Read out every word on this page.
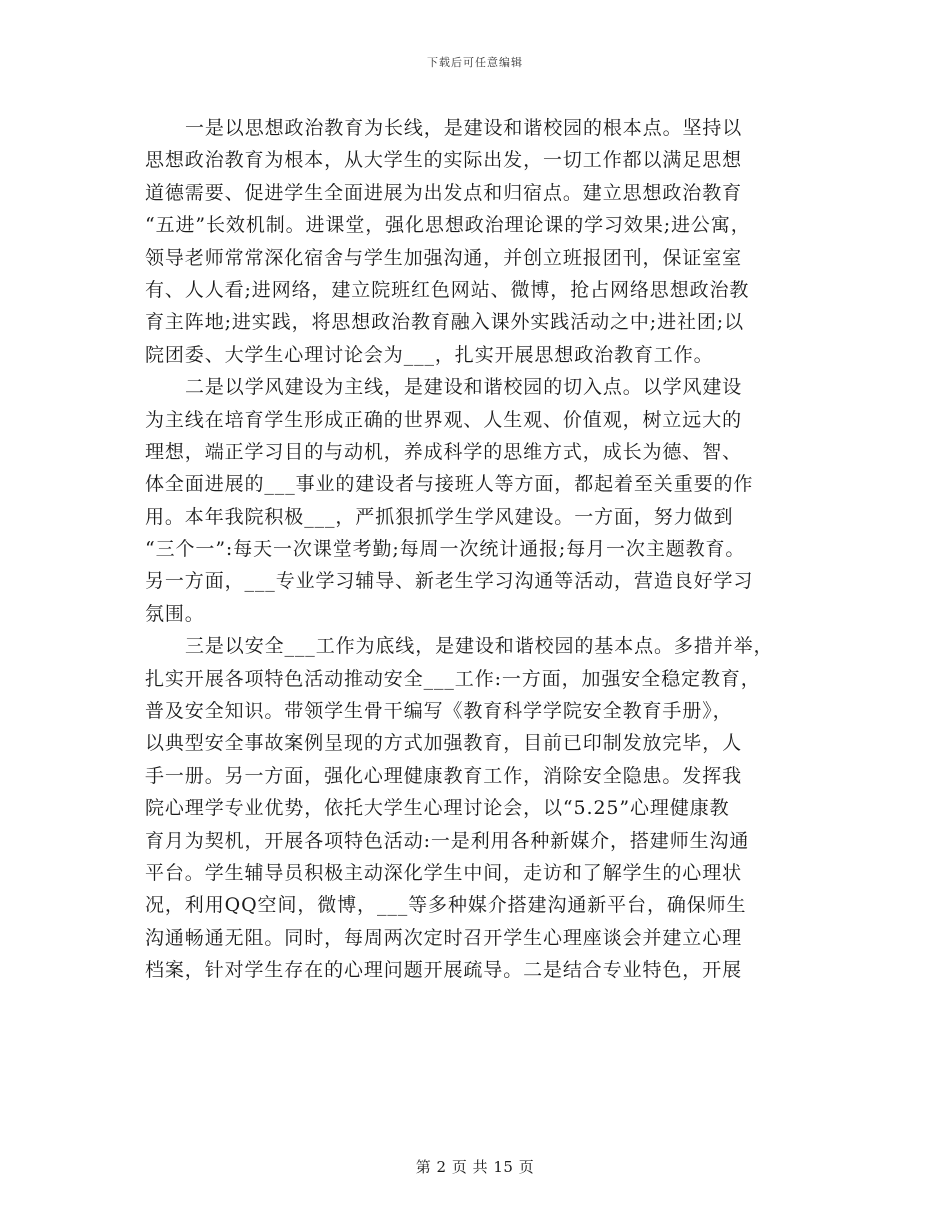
下载后可任意编辑
一是以思想政治教育为长线，是建设和谐校园的根本点。坚持以
思想政治教育为根本，从大学生的实际出发，一切工作都以满足思想
道德需要、促进学生全面进展为出发点和归宿点。建立思想政治教育
“五进”长效机制。进课堂，强化思想政治理论课的学习效果;进公寓，
领导老师常常深化宿舍与学生加强沟通，并创立班报团刊，保证室室
有、人人看;进网络，建立院班红色网站、微博，抢占网络思想政治教
育主阵地;进实践，将思想政治教育融入课外实践活动之中;进社团;以
院团委、大学生心理讨论会为___，扎实开展思想政治教育工作。
二是以学风建设为主线，是建设和谐校园的切入点。以学风建设
为主线在培育学生形成正确的世界观、人生观、价值观，树立远大的
理想，端正学习目的与动机，养成科学的思维方式，成长为德、智、
体全面进展的___事业的建设者与接班人等方面，都起着至关重要的作
用。本年我院积极___，严抓狠抓学生学风建设。一方面，努力做到
“三个一”:每天一次课堂考勤;每周一次统计通报;每月一次主题教育。
另一方面，___专业学习辅导、新老生学习沟通等活动，营造良好学习
氛围。
三是以安全___工作为底线，是建设和谐校园的基本点。多措并举，
扎实开展各项特色活动推动安全___工作:一方面，加强安全稳定教育，
普及安全知识。带领学生骨干编写《教育科学学院安全教育手册》，
以典型安全事故案例呈现的方式加强教育，目前已印制发放完毕，人
手一册。另一方面，强化心理健康教育工作，消除安全隐患。发挥我
院心理学专业优势，依托大学生心理讨论会，以“5.25”心理健康教
育月为契机，开展各项特色活动:一是利用各种新媒介，搭建师生沟通
平台。学生辅导员积极主动深化学生中间，走访和了解学生的心理状
况，利用QQ空间，微博，___等多种媒介搭建沟通新平台，确保师生
沟通畅通无阻。同时，每周两次定时召开学生心理座谈会并建立心理
档案，针对学生存在的心理问题开展疏导。二是结合专业特色，开展
第 2 页 共 15 页
